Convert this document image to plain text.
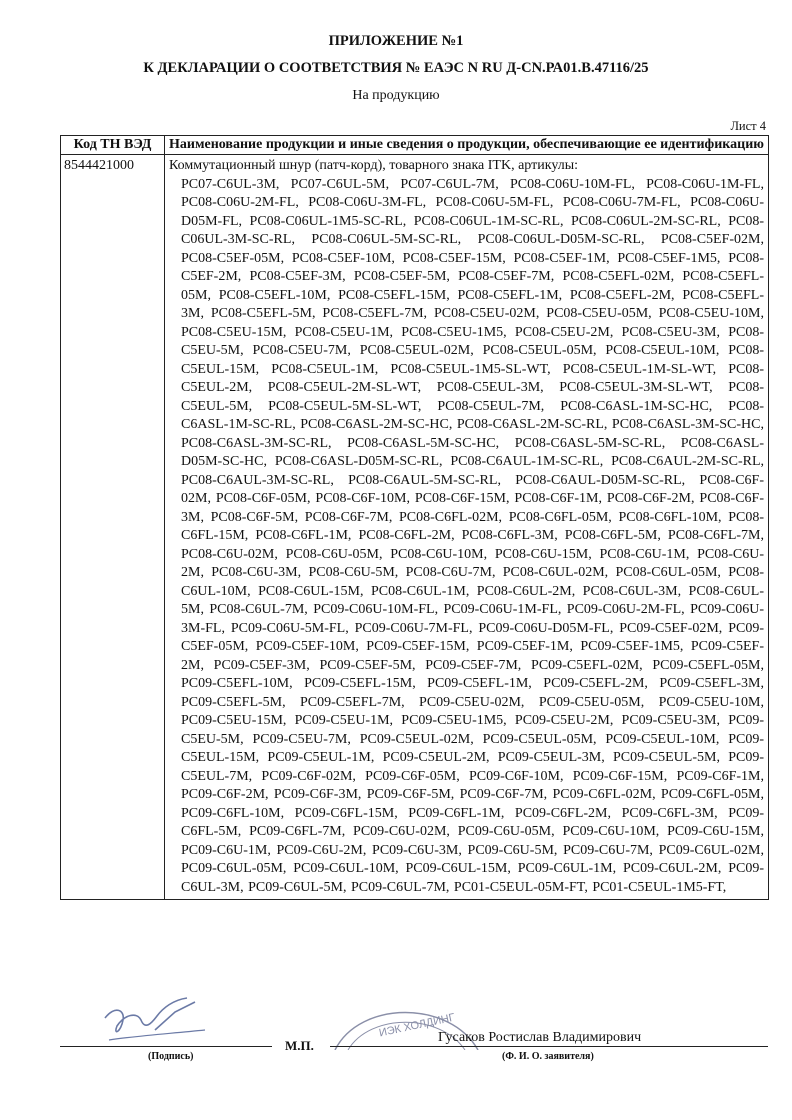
ПРИЛОЖЕНИЕ №1
К ДЕКЛАРАЦИИ О СООТВЕТСТВИЯ № ЕАЭС N RU Д-CN.РА01.В.47116/25
На продукцию
Лист 4
Код ТН ВЭД	Наименование продукции и иные сведения о продукции, обеспечивающие ее идентификацию
8544421000	Коммутационный шнур (патч-корд), товарного знака ITK, артикулы:
PC07-C6UL-3M, PC07-C6UL-5M, PC07-C6UL-7M, PC08-C06U-10M-FL, PC08-C06U-1M-FL, PC08-C06U-2M-FL, PC08-C06U-3M-FL, PC08-C06U-5M-FL, PC08-C06U-7M-FL, PC08-C06U-D05M-FL, PC08-C06UL-1M5-SC-RL, PC08-C06UL-1M-SC-RL, PC08-C06UL-2M-SC-RL, PC08-C06UL-3M-SC-RL, PC08-C06UL-5M-SC-RL, PC08-C06UL-D05M-SC-RL, PC08-C5EF-02M, PC08-C5EF-05M, PC08-C5EF-10M, PC08-C5EF-15M, PC08-C5EF-1M, PC08-C5EF-1M5, PC08-C5EF-2M, PC08-C5EF-3M, PC08-C5EF-5M, PC08-C5EF-7M, PC08-C5EFL-02M, PC08-C5EFL-05M, PC08-C5EFL-10M, PC08-C5EFL-15M, PC08-C5EFL-1M, PC08-C5EFL-2M, PC08-C5EFL-3M, PC08-C5EFL-5M, PC08-C5EFL-7M, PC08-C5EU-02M, PC08-C5EU-05M, PC08-C5EU-10M, PC08-C5EU-15M, PC08-C5EU-1M, PC08-C5EU-1M5, PC08-C5EU-2M, PC08-C5EU-3M, PC08-C5EU-5M, PC08-C5EU-7M, PC08-C5EUL-02M, PC08-C5EUL-05M, PC08-C5EUL-10M, PC08-C5EUL-15M, PC08-C5EUL-1M, PC08-C5EUL-1M5-SL-WT, PC08-C5EUL-1M-SL-WT, PC08-C5EUL-2M, PC08-C5EUL-2M-SL-WT, PC08-C5EUL-3M, PC08-C5EUL-3M-SL-WT, PC08-C5EUL-5M, PC08-C5EUL-5M-SL-WT, PC08-C5EUL-7M, PC08-C6ASL-1M-SC-HC, PC08-C6ASL-1M-SC-RL, PC08-C6ASL-2M-SC-HC, PC08-C6ASL-2M-SC-RL, PC08-C6ASL-3M-SC-HC, PC08-C6ASL-3M-SC-RL, PC08-C6ASL-5M-SC-HC, PC08-C6ASL-5M-SC-RL, PC08-C6ASL-D05M-SC-HC, PC08-C6ASL-D05M-SC-RL, PC08-C6AUL-1M-SC-RL, PC08-C6AUL-2M-SC-RL, PC08-C6AUL-3M-SC-RL, PC08-C6AUL-5M-SC-RL, PC08-C6AUL-D05M-SC-RL, PC08-C6F-02M, PC08-C6F-05M, PC08-C6F-10M, PC08-C6F-15M, PC08-C6F-1M, PC08-C6F-2M, PC08-C6F-3M, PC08-C6F-5M, PC08-C6F-7M, PC08-C6FL-02M, PC08-C6FL-05M, PC08-C6FL-10M, PC08-C6FL-15M, PC08-C6FL-1M, PC08-C6FL-2M, PC08-C6FL-3M, PC08-C6FL-5M, PC08-C6FL-7M, PC08-C6U-02M, PC08-C6U-05M, PC08-C6U-10M, PC08-C6U-15M, PC08-C6U-1M, PC08-C6U-2M, PC08-C6U-3M, PC08-C6U-5M, PC08-C6U-7M, PC08-C6UL-02M, PC08-C6UL-05M, PC08-C6UL-10M, PC08-C6UL-15M, PC08-C6UL-1M, PC08-C6UL-2M, PC08-C6UL-3M, PC08-C6UL-5M, PC08-C6UL-7M, PC09-C06U-10M-FL, PC09-C06U-1M-FL, PC09-C06U-2M-FL, PC09-C06U-3M-FL, PC09-C06U-5M-FL, PC09-C06U-7M-FL, PC09-C06U-D05M-FL, PC09-C5EF-02M, PC09-C5EF-05M, PC09-C5EF-10M, PC09-C5EF-15M, PC09-C5EF-1M, PC09-C5EF-1M5, PC09-C5EF-2M, PC09-C5EF-3M, PC09-C5EF-5M, PC09-C5EF-7M, PC09-C5EFL-02M, PC09-C5EFL-05M, PC09-C5EFL-10M, PC09-C5EFL-15M, PC09-C5EFL-1M, PC09-C5EFL-2M, PC09-C5EFL-3M, PC09-C5EFL-5M, PC09-C5EFL-7M, PC09-C5EU-02M, PC09-C5EU-05M, PC09-C5EU-10M, PC09-C5EU-15M, PC09-C5EU-1M, PC09-C5EU-1M5, PC09-C5EU-2M, PC09-C5EU-3M, PC09-C5EU-5M, PC09-C5EU-7M, PC09-C5EUL-02M, PC09-C5EUL-05M, PC09-C5EUL-10M, PC09-C5EUL-15M, PC09-C5EUL-1M, PC09-C5EUL-2M, PC09-C5EUL-3M, PC09-C5EUL-5M, PC09-C5EUL-7M, PC09-C6F-02M, PC09-C6F-05M, PC09-C6F-10M, PC09-C6F-15M, PC09-C6F-1M, PC09-C6F-2M, PC09-C6F-3M, PC09-C6F-5M, PC09-C6F-7M, PC09-C6FL-02M, PC09-C6FL-05M, PC09-C6FL-10M, PC09-C6FL-15M, PC09-C6FL-1M, PC09-C6FL-2M, PC09-C6FL-3M, PC09-C6FL-5M, PC09-C6FL-7M, PC09-C6U-02M, PC09-C6U-05M, PC09-C6U-10M, PC09-C6U-15M, PC09-C6U-1M, PC09-C6U-2M, PC09-C6U-3M, PC09-C6U-5M, PC09-C6U-7M, PC09-C6UL-02M, PC09-C6UL-05M, PC09-C6UL-10M, PC09-C6UL-15M, PC09-C6UL-1M, PC09-C6UL-2M, PC09-C6UL-3M, PC09-C6UL-5M, PC09-C6UL-7M, PC01-C5EUL-05M-FT, PC01-C5EUL-1M5-FT,
ИЭК ХОЛДИНГ
М.П.
Гусаков Ростислав Владимирович
(Подпись)	(Ф. И. О. заявителя)
